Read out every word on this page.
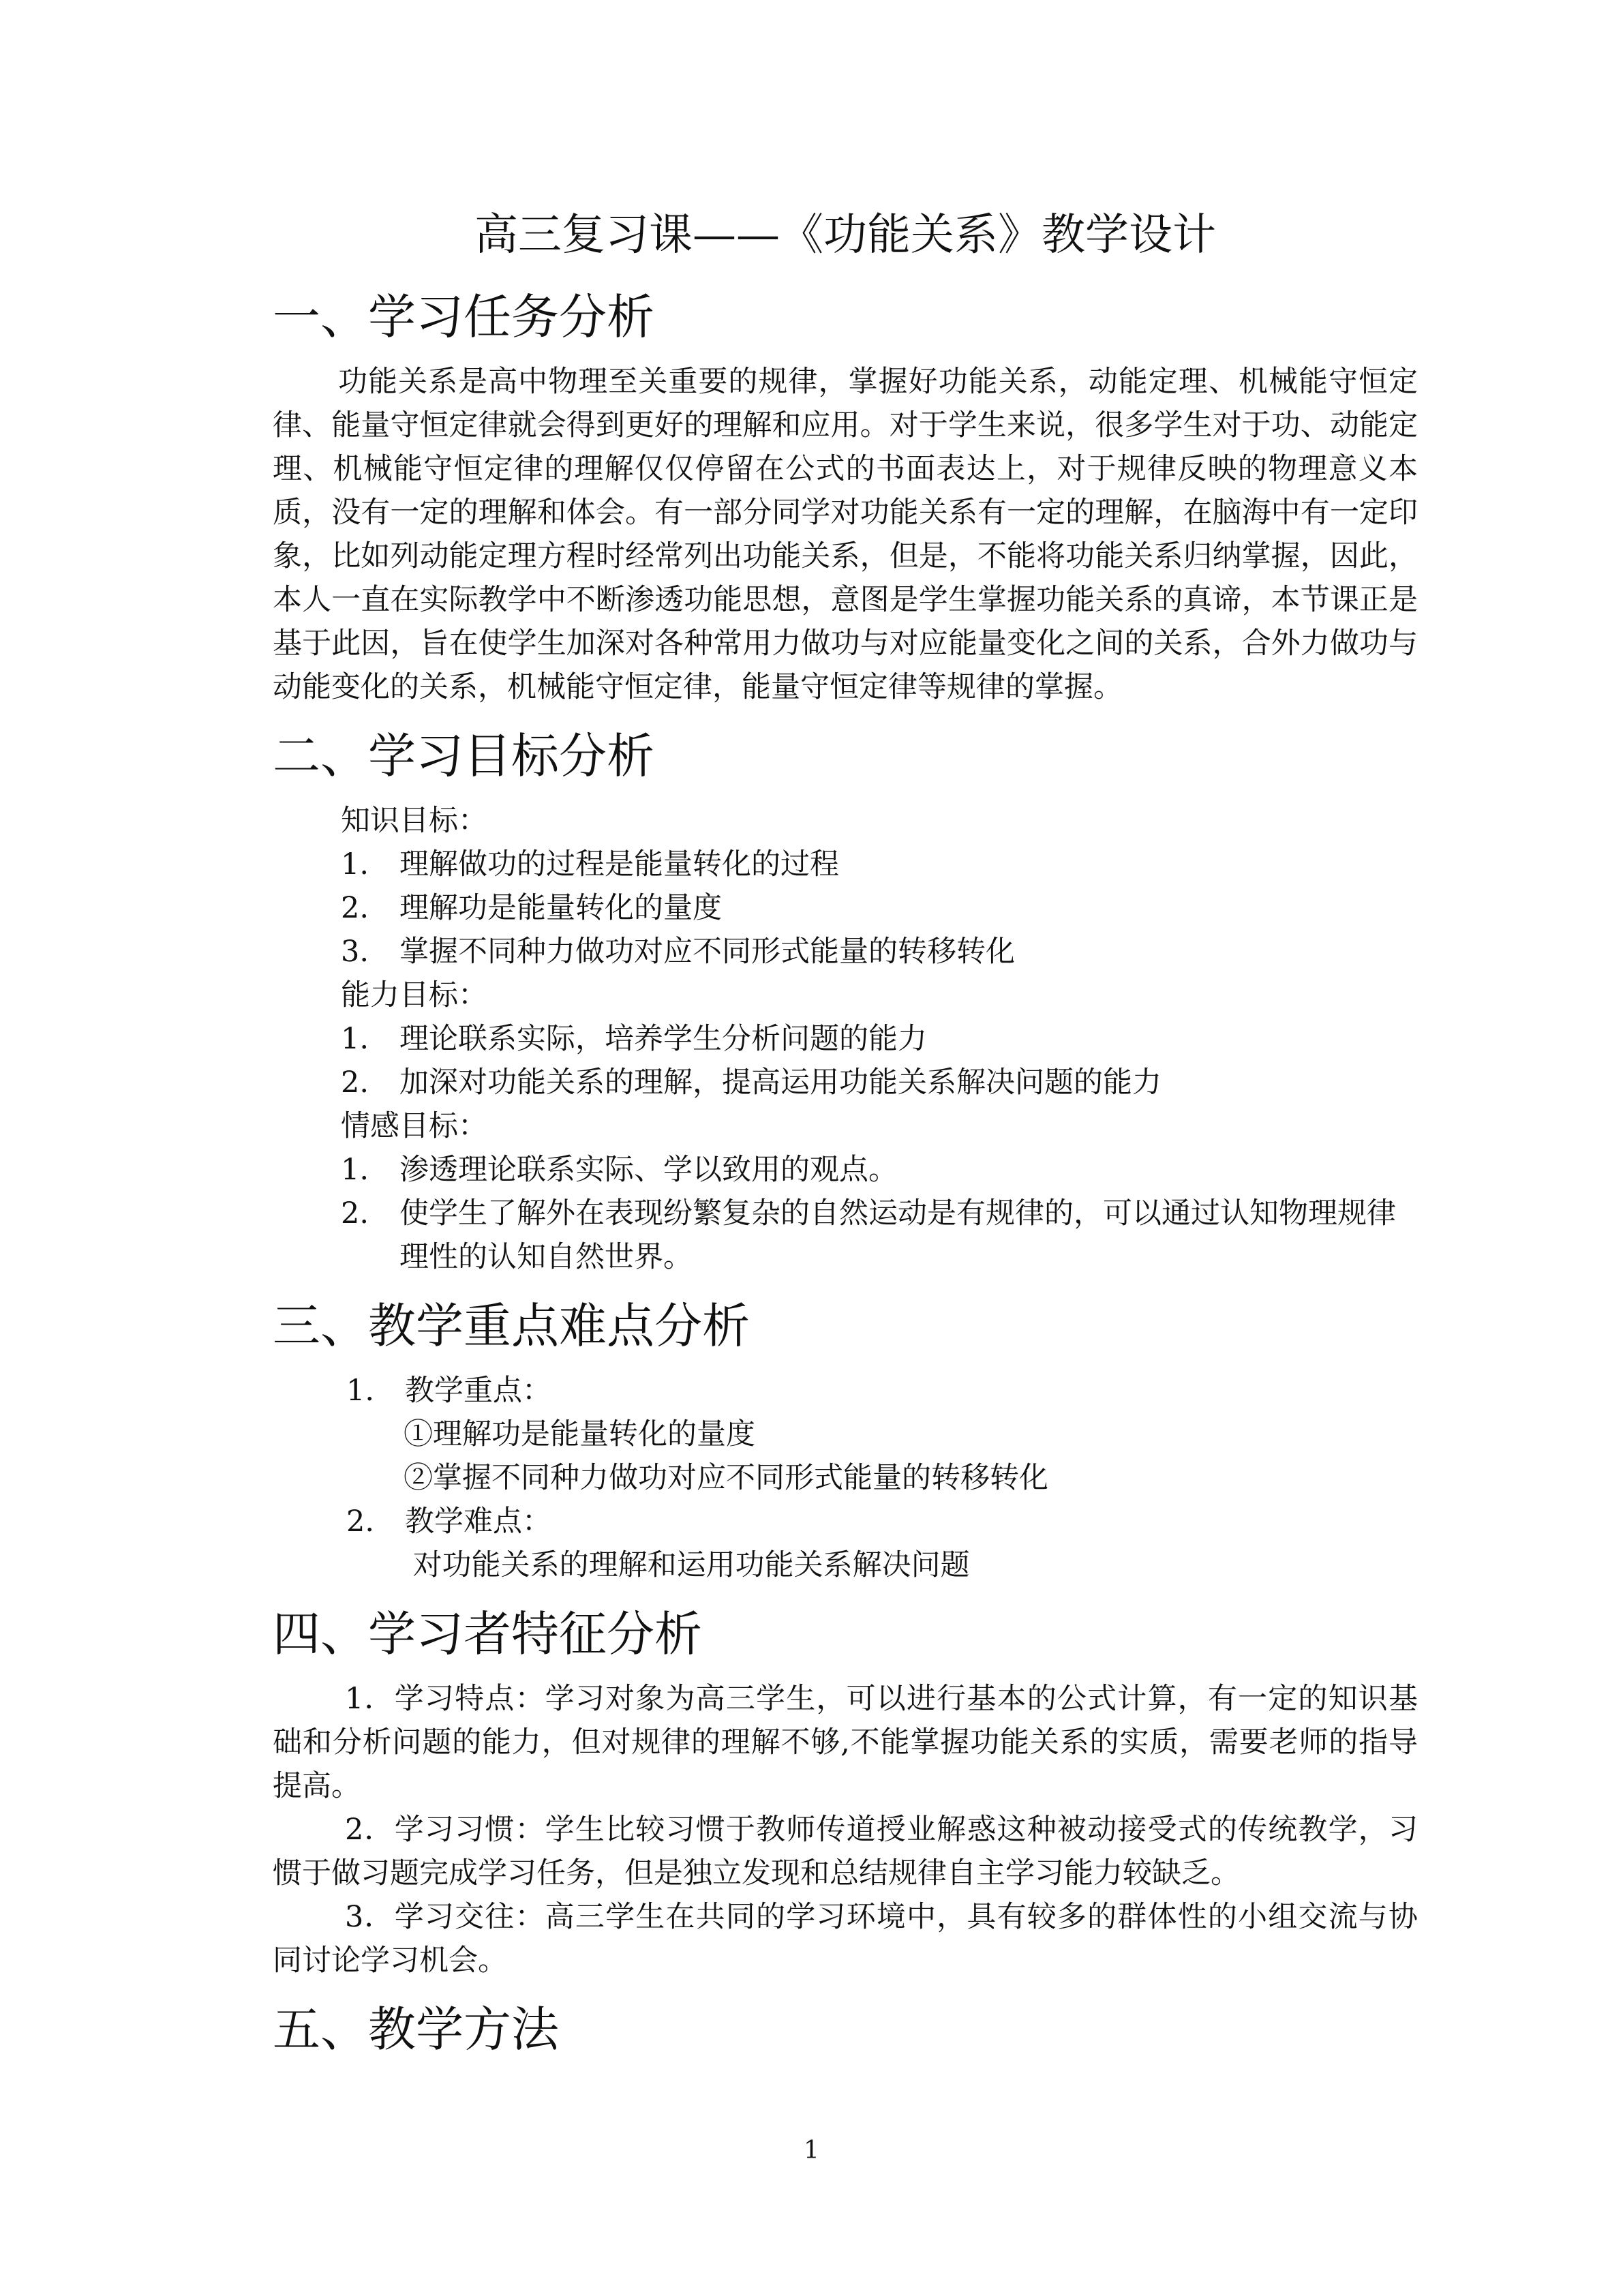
高三复习课——《功能关系》教学设计
一、学习任务分析

功能关系是高中物理至关重要的规律，掌握好功能关系，动能定理、机械能守恒定律、能量守恒定律就会得到更好的理解和应用。对于学生来说，很多学生对于功、动能定理、机械能守恒定律的理解仅仅停留在公式的书面表达上，对于规律反映的物理意义本质，没有一定的理解和体会。有一部分同学对功能关系有一定的理解，在脑海中有一定印象，比如列动能定理方程时经常列出功能关系，但是，不能将功能关系归纳掌握，因此，本人一直在实际教学中不断渗透功能思想，意图是学生掌握功能关系的真谛，本节课正是基于此因，旨在使学生加深对各种常用力做功与对应能量变化之间的关系，合外力做功与动能变化的关系，机械能守恒定律，能量守恒定律等规律的掌握。

二、学习目标分析
知识目标：
1.	理解做功的过程是能量转化的过程
2.	理解功是能量转化的量度
3.	掌握不同种力做功对应不同形式能量的转移转化
能力目标：
1.	理论联系实际，培养学生分析问题的能力
2.	加深对功能关系的理解，提高运用功能关系解决问题的能力
情感目标：
1.	渗透理论联系实际、学以致用的观点。
2.	使学生了解外在表现纷繁复杂的自然运动是有规律的，可以通过认知物理规律理性的认知自然世界。
三、教学重点难点分析
1.	教学重点：
①理解功是能量转化的量度
②掌握不同种力做功对应不同形式能量的转移转化
2.	教学难点：
对功能关系的理解和运用功能关系解决问题
四、学习者特征分析

1．学习特点：学习对象为高三学生，可以进行基本的公式计算，有一定的知识基础和分析问题的能力，但对规律的理解不够,不能掌握功能关系的实质，需要老师的指导提高。

2．学习习惯：学生比较习惯于教师传道授业解惑这种被动接受式的传统教学，习惯于做习题完成学习任务，但是独立发现和总结规律自主学习能力较缺乏。

3．学习交往：高三学生在共同的学习环境中，具有较多的群体性的小组交流与协同讨论学习机会。

五、教学方法
1
